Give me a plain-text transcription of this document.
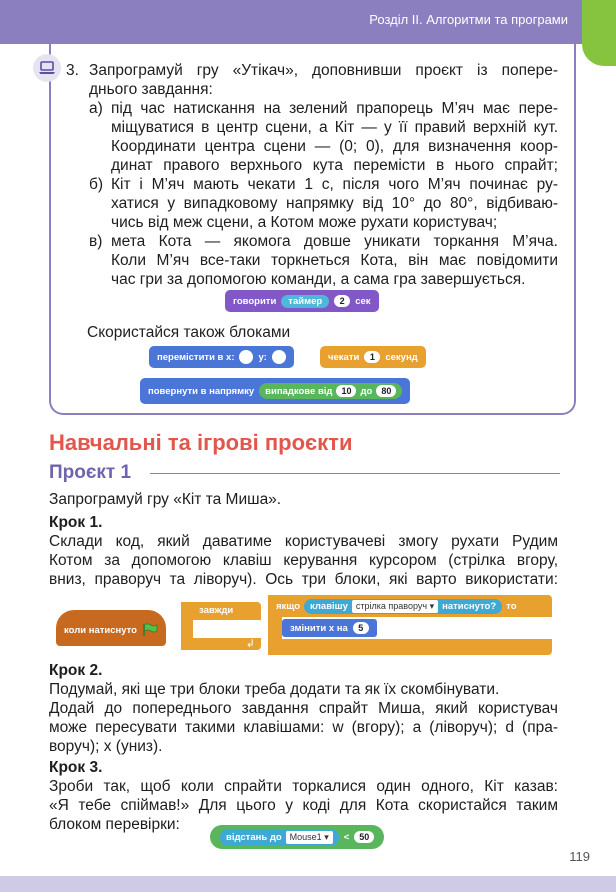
Розділ ІІ. Алгоритми та програми
3. Запрограмуй гру «Утікач», доповнивши проєкт із попере-
днього завдання:
а) під час натискання на зелений прапорець М’яч має пере-
міщуватися в центр сцени, а Кіт — у її правий верхній кут.
Координати центра сцени — (0; 0), для визначення коор-
динат правого верхнього кута перемісти в нього спрайт;
б) Кіт і М’яч мають чекати 1 с, після чого М’яч починає ру-
хатися у випадковому напрямку від 10° до 80°, відбиваю-
чись від меж сцени, а Котом може рухати користувач;
в) мета Кота — якомога довше уникати торкання М’яча.
Коли М’яч все-таки торкнеться Кота, він має повідомити
час гри за допомогою команди, а сама гра завершується.
говорити	таймер	2	сек
Скористайся також блоками
перемістити в х:	у:	чекати	1	секунд
повернути в напрямку випадкове від	10 до	80
Навчальні та ігрові проєкти
Проєкт 1
Запрограмуй гру «Кіт та Миша».
Крок 1.
Склади код, який даватиме користувачеві змогу рухати Рудим
Котом за допомогою клавіш керування курсором (стрілка вгору,
вниз, праворуч та ліворуч). Ось три блоки, які варто використати:
коли натиснуто
завжди
↲
якщо клавішу стрілка праворуч ▾ натиснуто? то
змінити х на	5
Крок 2.
Подумай, які ще три блоки треба додати та як їх скомбінувати.
Додай до попереднього завдання спрайт Миша, який користувач
може пересувати такими клавішами: w (вгору); a (ліворуч); d (пра-
воруч); x (униз).
Крок 3.
Зроби так, щоб коли спрайти торкалися один одного, Кіт казав:
«Я тебе спіймав!» Для цього у коді для Кота скористайся таким
блоком перевірки:
відстань до Mouse1 ▾	<	50
119
